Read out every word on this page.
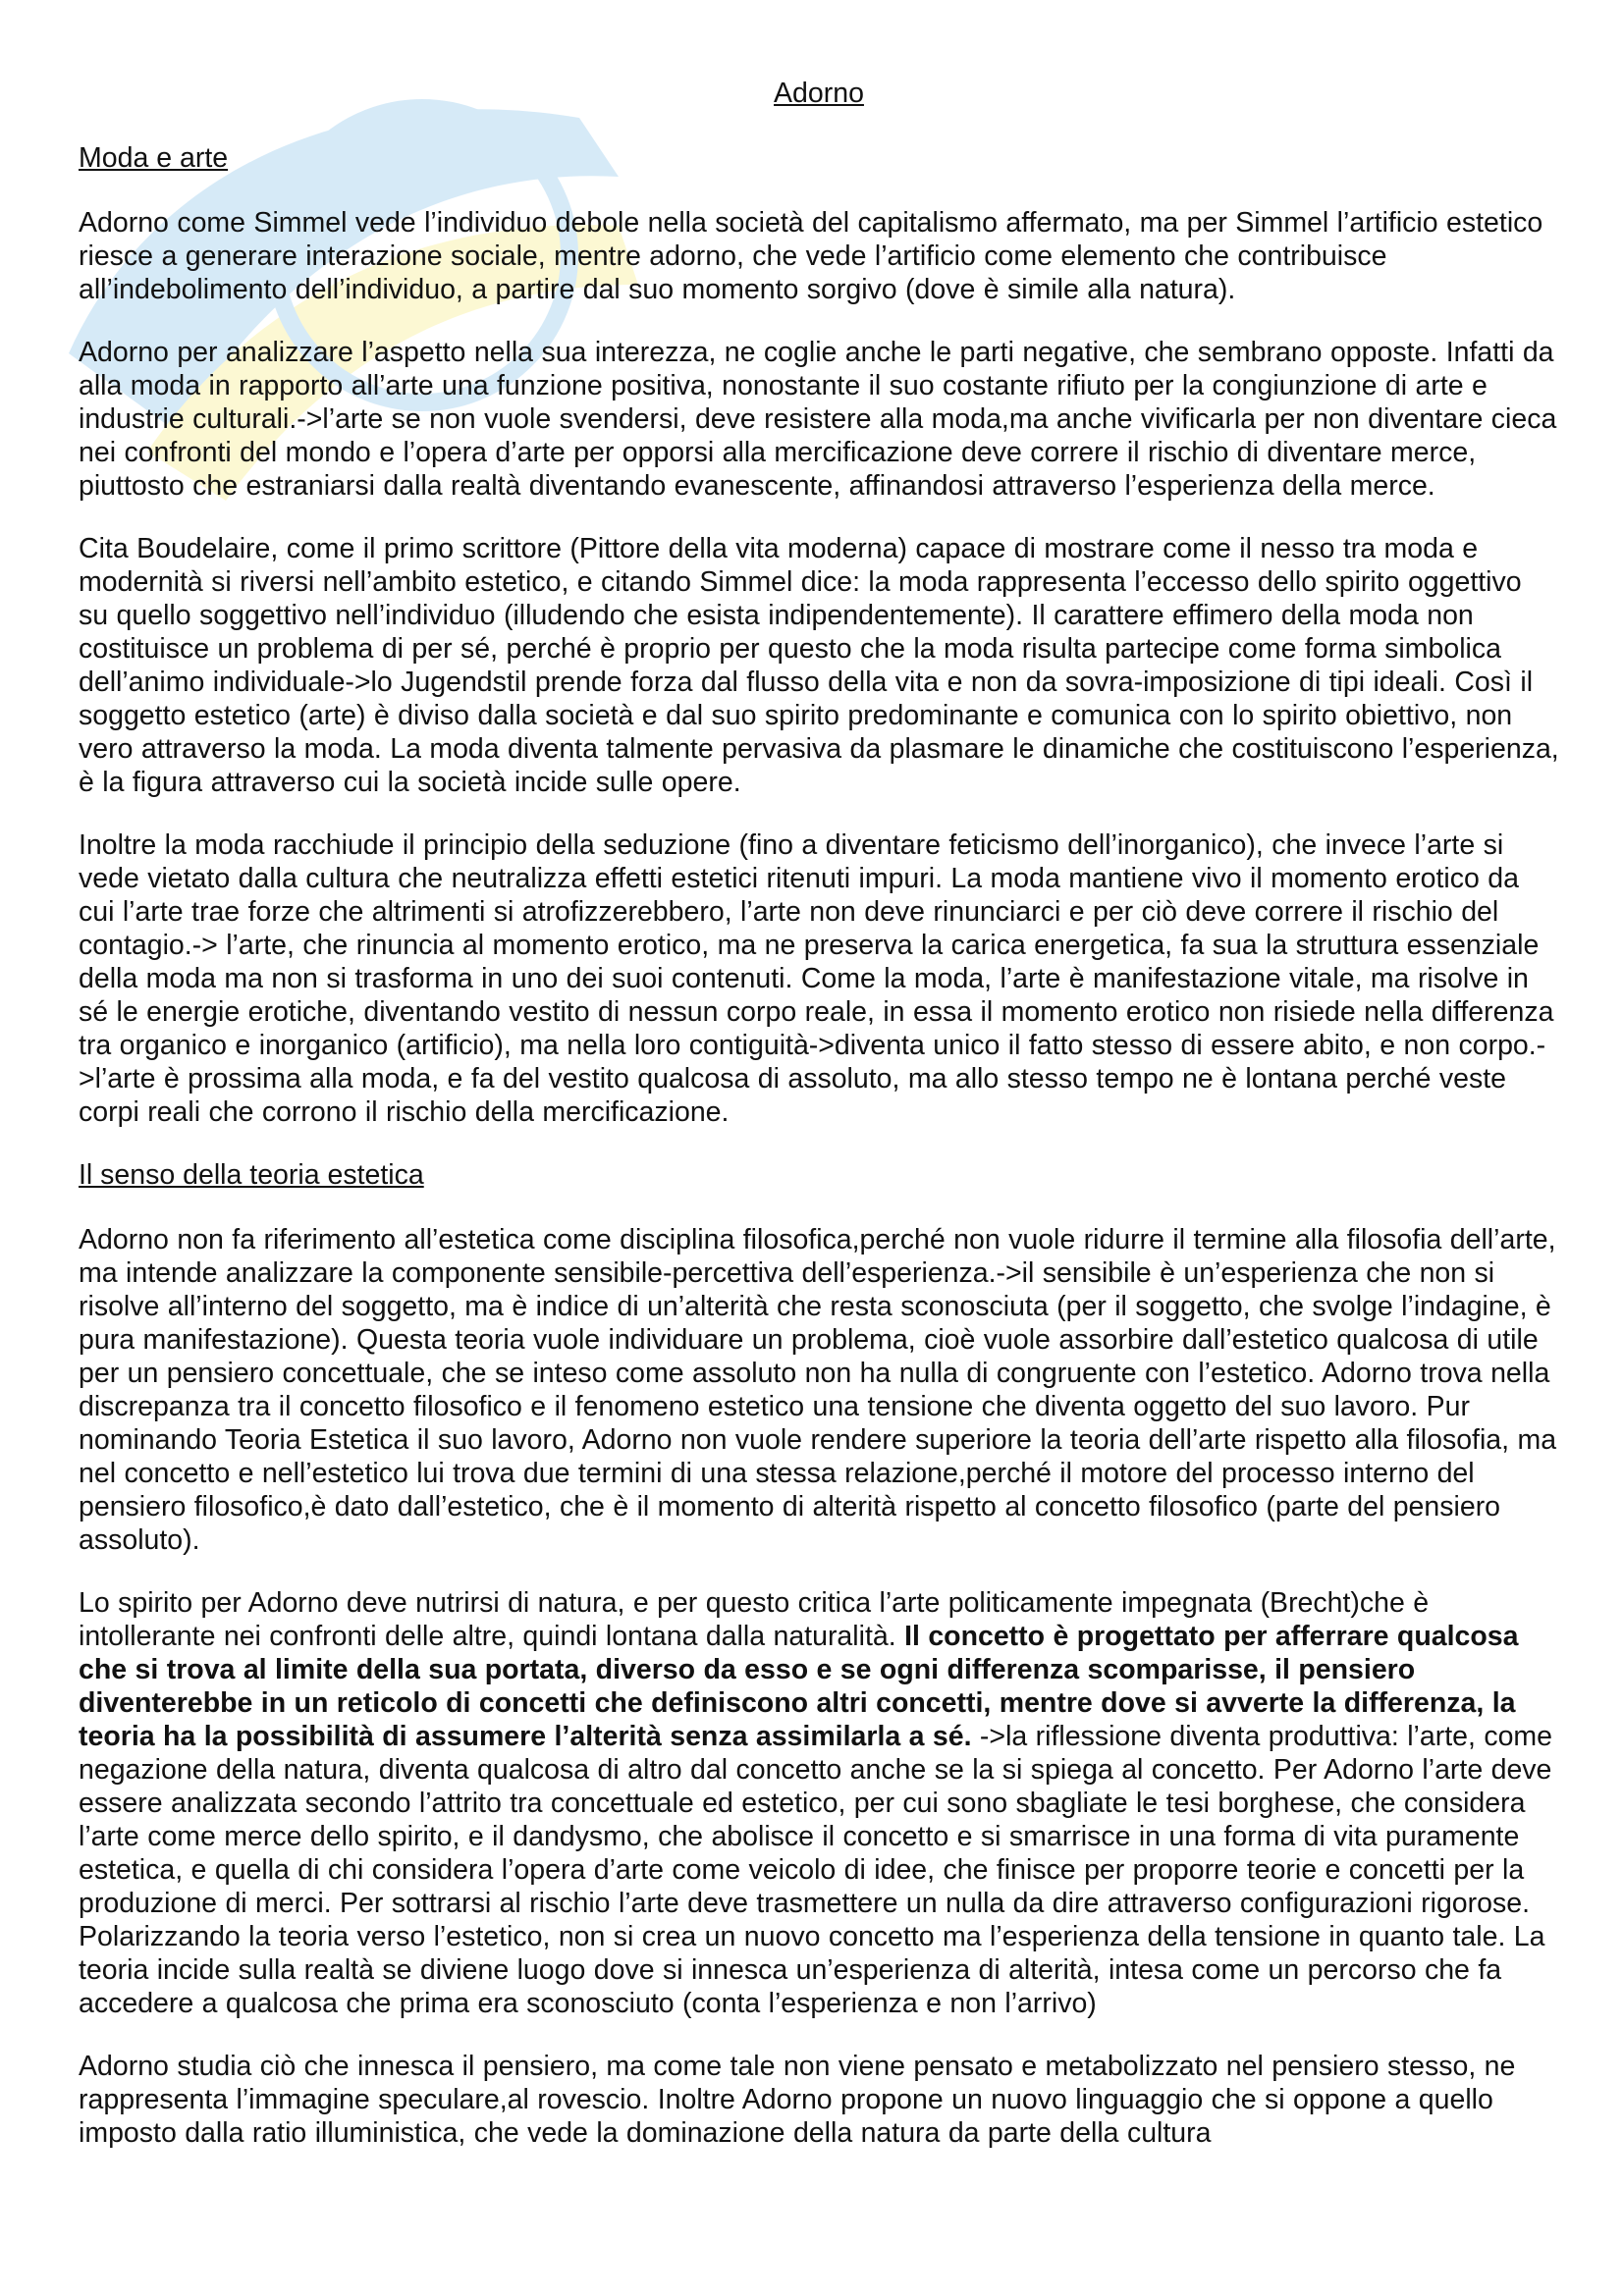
Adorno
Moda e arte

Adorno come Simmel vede l’individuo debole nella società del capitalismo affermato, ma per Simmel l’artificio estetico riesce a generare interazione sociale, mentre adorno, che vede l’artificio come elemento che contribuisce all’indebolimento dell’individuo, a partire dal suo momento sorgivo (dove è simile alla natura).

Adorno per analizzare l’aspetto nella sua interezza, ne coglie anche le parti negative, che sembrano opposte. Infatti da alla moda in rapporto all’arte una funzione positiva, nonostante il suo costante rifiuto per la congiunzione di arte e industrie culturali.->l’arte se non vuole svendersi, deve resistere alla moda,ma anche vivificarla per non diventare cieca nei confronti del mondo e l’opera d’arte per opporsi alla mercificazione deve correre il rischio di diventare merce, piuttosto che estraniarsi dalla realtà diventando evanescente, affinandosi attraverso l’esperienza della merce.

Cita Boudelaire, come il primo scrittore (Pittore della vita moderna) capace di mostrare come il nesso tra moda e modernità si riversi nell’ambito estetico, e citando Simmel dice: la moda rappresenta l’eccesso dello spirito oggettivo su quello soggettivo nell’individuo (illudendo che esista indipendentemente). Il carattere effimero della moda non costituisce un problema di per sé, perché è proprio per questo che la moda risulta partecipe come forma simbolica dell’animo individuale->lo Jugendstil prende forza dal flusso della vita e non da sovra-imposizione di tipi ideali. Così il soggetto estetico (arte) è diviso dalla società e dal suo spirito predominante e comunica con lo spirito obiettivo, non vero attraverso la moda. La moda diventa talmente pervasiva da plasmare le dinamiche che costituiscono l’esperienza, è la figura attraverso cui la società incide sulle opere.

Inoltre la moda racchiude il principio della seduzione (fino a diventare feticismo dell’inorganico), che invece l’arte si vede vietato dalla cultura che neutralizza effetti estetici ritenuti impuri. La moda mantiene vivo il momento erotico da cui l’arte trae forze che altrimenti si atrofizzerebbero, l’arte non deve rinunciarci e per ciò deve correre il rischio del contagio.-> l’arte, che rinuncia al momento erotico, ma ne preserva la carica energetica, fa sua la struttura essenziale della moda ma non si trasforma in uno dei suoi contenuti. Come la moda, l’arte è manifestazione vitale, ma risolve in sé le energie erotiche, diventando vestito di nessun corpo reale, in essa il momento erotico non risiede nella differenza tra organico e inorganico (artificio), ma nella loro contiguità->diventa unico il fatto stesso di essere abito, e non corpo.->l’arte è prossima alla moda, e fa del vestito qualcosa di assoluto, ma allo stesso tempo ne è lontana perché veste corpi reali che corrono il rischio della mercificazione.

Il senso della teoria estetica

Adorno non fa riferimento all’estetica come disciplina filosofica,perché non vuole ridurre il termine alla filosofia dell’arte, ma intende analizzare la componente sensibile-percettiva dell’esperienza.->il sensibile è un’esperienza che non si risolve all’interno del soggetto, ma è indice di un’alterità che resta sconosciuta (per il soggetto, che svolge l’indagine, è pura manifestazione). Questa teoria vuole individuare un problema, cioè vuole assorbire dall’estetico qualcosa di utile per un pensiero concettuale, che se inteso come assoluto non ha nulla di congruente con l’estetico. Adorno trova nella discrepanza tra il concetto filosofico e il fenomeno estetico una tensione che diventa oggetto del suo lavoro. Pur nominando Teoria Estetica il suo lavoro, Adorno non vuole rendere superiore la teoria dell’arte rispetto alla filosofia, ma nel concetto e nell’estetico lui trova due termini di una stessa relazione,perché il motore del processo interno del pensiero filosofico,è dato dall’estetico, che è il momento di alterità rispetto al concetto filosofico (parte del pensiero assoluto).

Lo spirito per Adorno deve nutrirsi di natura, e per questo critica l’arte politicamente impegnata (Brecht)che è intollerante nei confronti delle altre, quindi lontana dalla naturalità. Il concetto è progettato per afferrare qualcosa che si trova al limite della sua portata, diverso da esso e se ogni differenza scomparisse, il pensiero diventerebbe in un reticolo di concetti che definiscono altri concetti, mentre dove si avverte la differenza, la teoria ha la possibilità di assumere l’alterità senza assimilarla a sé. ->la riflessione diventa produttiva: l’arte, come negazione della natura, diventa qualcosa di altro dal concetto anche se la si spiega al concetto. Per Adorno l’arte deve essere analizzata secondo l’attrito tra concettuale ed estetico, per cui sono sbagliate le tesi borghese, che considera l’arte come merce dello spirito, e il dandysmo, che abolisce il concetto e si smarrisce in una forma di vita puramente estetica, e quella di chi considera l’opera d’arte come veicolo di idee, che finisce per proporre teorie e concetti per la produzione di merci. Per sottrarsi al rischio l’arte deve trasmettere un nulla da dire attraverso configurazioni rigorose. Polarizzando la teoria verso l’estetico, non si crea un nuovo concetto ma l’esperienza della tensione in quanto tale. La teoria incide sulla realtà se diviene luogo dove si innesca un’esperienza di alterità, intesa come un percorso che fa accedere a qualcosa che prima era sconosciuto (conta l’esperienza e non l’arrivo)

Adorno studia ciò che innesca il pensiero, ma come tale non viene pensato e metabolizzato nel pensiero stesso, ne rappresenta l’immagine speculare,al rovescio. Inoltre Adorno propone un nuovo linguaggio che si oppone a quello imposto dalla ratio illuministica, che vede la dominazione della natura da parte della cultura
